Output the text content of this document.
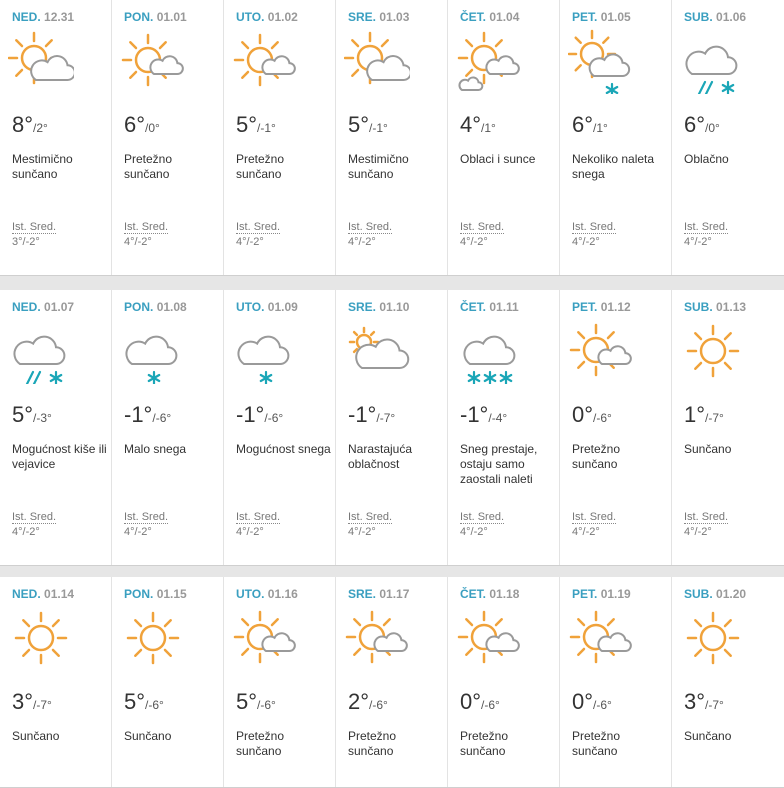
NED. 12.31
8°/2°
Mestimično sunčano
Ist. Sred.
3°/-2°
PON. 01.01
6°/0°
Pretežno sunčano
Ist. Sred.
4°/-2°
UTO. 01.02
5°/-1°
Pretežno sunčano
Ist. Sred.
4°/-2°
SRE. 01.03
5°/-1°
Mestimično sunčano
Ist. Sred.
4°/-2°
ČET. 01.04
4°/1°
Oblaci i sunce
Ist. Sred.
4°/-2°
PET. 01.05
6°/1°
Nekoliko naleta snega
Ist. Sred.
4°/-2°
SUB. 01.06
6°/0°
Oblačno
Ist. Sred.
4°/-2°
NED. 01.07
5°/-3°
Mogućnost kiše ili vejavice
Ist. Sred.
4°/-2°
PON. 01.08
-1°/-6°
Malo snega
Ist. Sred.
4°/-2°
UTO. 01.09
-1°/-6°
Mogućnost snega
Ist. Sred.
4°/-2°
SRE. 01.10
-1°/-7°
Narastajuća oblačnost
Ist. Sred.
4°/-2°
ČET. 01.11
-1°/-4°
Sneg prestaje, ostaju samo zaostali naleti
Ist. Sred.
4°/-2°
PET. 01.12
0°/-6°
Pretežno sunčano
Ist. Sred.
4°/-2°
SUB. 01.13
1°/-7°
Sunčano
Ist. Sred.
4°/-2°
NED. 01.14
3°/-7°
Sunčano
PON. 01.15
5°/-6°
Sunčano
UTO. 01.16
5°/-6°
Pretežno sunčano
SRE. 01.17
2°/-6°
Pretežno sunčano
ČET. 01.18
0°/-6°
Pretežno sunčano
PET. 01.19
0°/-6°
Pretežno sunčano
SUB. 01.20
3°/-7°
Sunčano
